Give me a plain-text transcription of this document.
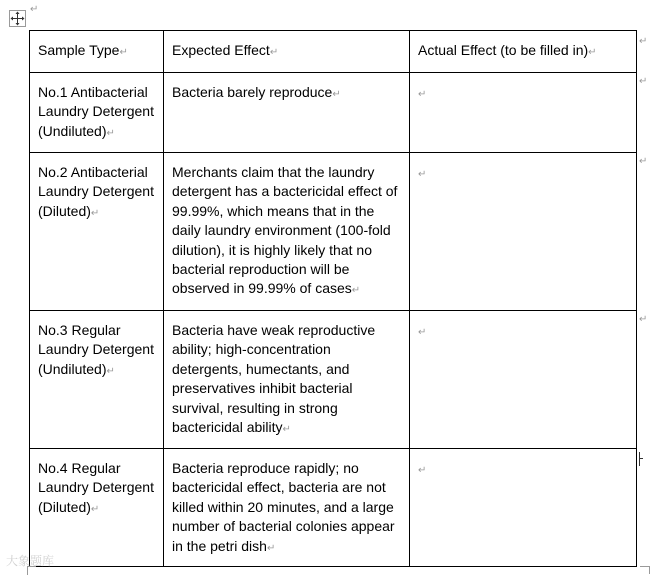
↵
Sample Type↵	Expected Effect↵	Actual Effect (to be filled in)↵
No.1 Antibacterial Laundry Detergent (Undiluted)↵	Bacteria barely reproduce↵	↵
No.2 Antibacterial Laundry Detergent (Diluted)↵	Merchants claim that the laundry detergent has a bactericidal effect of 99.99%, which means that in the daily laundry environment (100-fold dilution), it is highly likely that no bacterial reproduction will be observed in 99.99% of cases↵	↵
No.3 Regular Laundry Detergent (Undiluted)↵	Bacteria have weak reproductive ability; high-concentration detergents, humectants, and preservatives inhibit bacterial survival, resulting in strong bactericidal ability↵	↵
No.4 Regular Laundry Detergent (Diluted)↵	Bacteria reproduce rapidly; no bactericidal effect, bacteria are not killed within 20 minutes, and a large number of bacterial colonies appear in the petri dish↵	↵
↵
↵
↵
↵
大象题库
